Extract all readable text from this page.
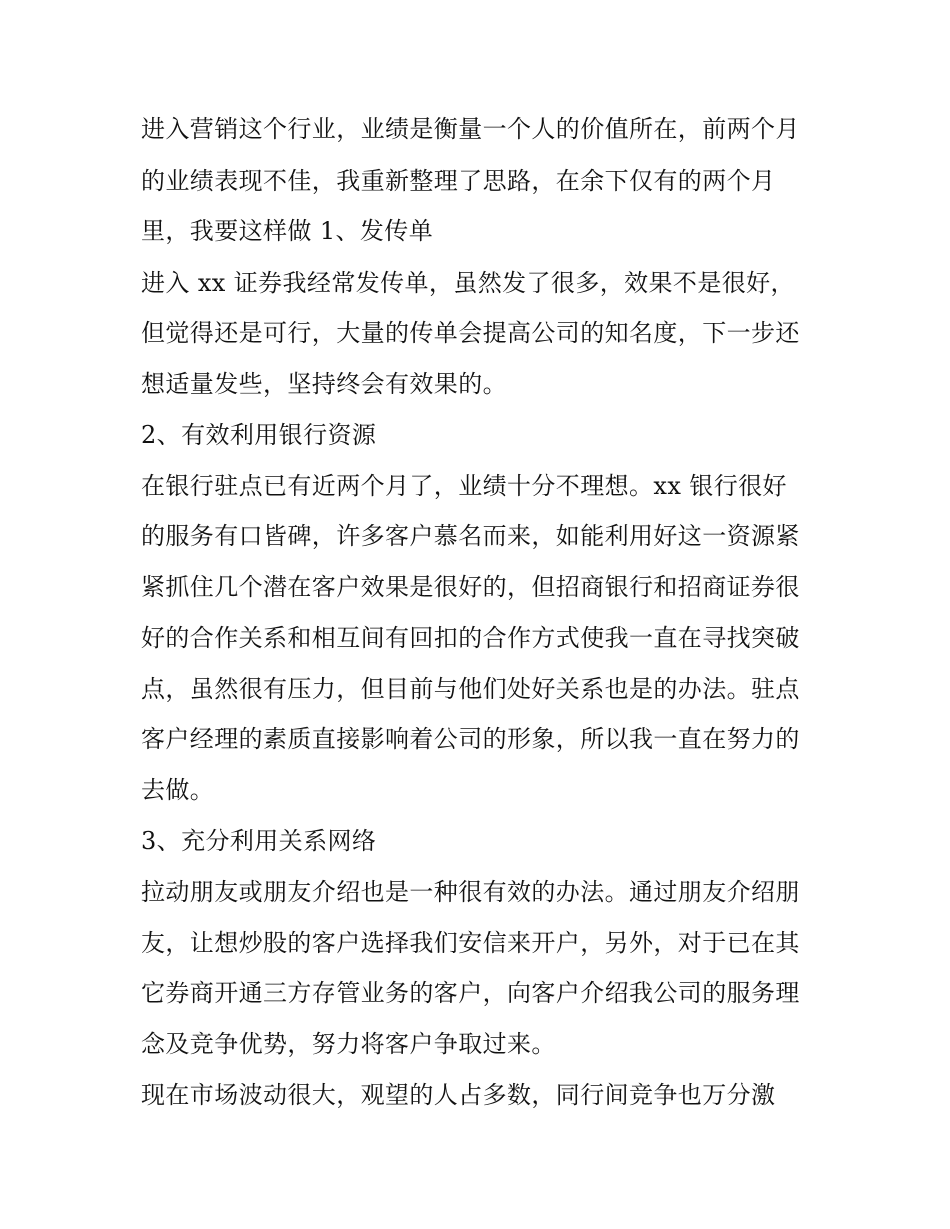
进入营销这个行业，业绩是衡量一个人的价值所在，前两个月

的业绩表现不佳，我重新整理了思路，在余下仅有的两个月

里，我要这样做 1、发传单

进入 xx 证券我经常发传单，虽然发了很多，效果不是很好，

但觉得还是可行，大量的传单会提高公司的知名度，下一步还

想适量发些，坚持终会有效果的。

2、有效利用银行资源

在银行驻点已有近两个月了，业绩十分不理想。xx 银行很好

的服务有口皆碑，许多客户慕名而来，如能利用好这一资源紧

紧抓住几个潜在客户效果是很好的，但招商银行和招商证券很

好的合作关系和相互间有回扣的合作方式使我一直在寻找突破

点，虽然很有压力，但目前与他们处好关系也是的办法。驻点

客户经理的素质直接影响着公司的形象，所以我一直在努力的

去做。

3、充分利用关系网络

拉动朋友或朋友介绍也是一种很有效的办法。通过朋友介绍朋

友，让想炒股的客户选择我们安信来开户，另外，对于已在其

它券商开通三方存管业务的客户，向客户介绍我公司的服务理

念及竞争优势，努力将客户争取过来。

现在市场波动很大，观望的人占多数，同行间竞争也万分激
